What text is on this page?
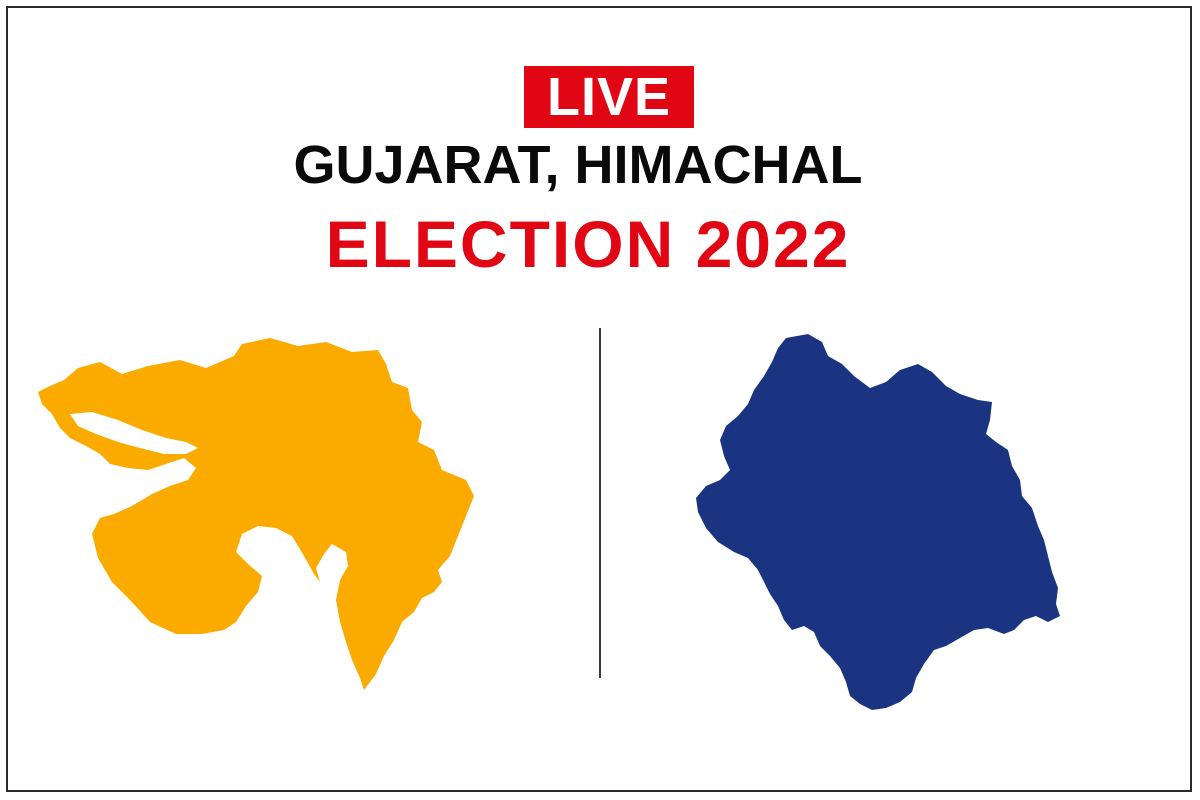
LIVE
GUJARAT, HIMACHAL
ELECTION 2022
